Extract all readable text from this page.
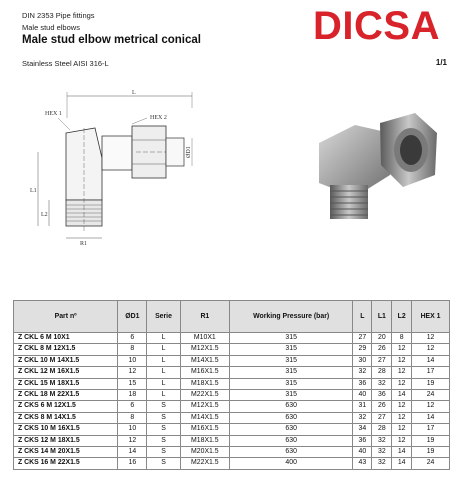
DIN 2353 Pipe fittings
Male stud elbows
Male stud elbow metrical conical
Stainless Steel AISI 316-L	1/1
DICSA
L
HEX 2
HEX 1
ØD1
L1
L2
R1
Part nº	ØD1	Serie	R1	Working Pressure (bar)	L	L1	L2	HEX 1
Z CKL 6 M 10X1	6	L	M10X1	315	27	20	8	12
Z CKL 8 M 12X1.5	8	L	M12X1.5	315	29	26	12	12
Z CKL 10 M 14X1.5	10	L	M14X1.5	315	30	27	12	14
Z CKL 12 M 16X1.5	12	L	M16X1.5	315	32	28	12	17
Z CKL 15 M 18X1.5	15	L	M18X1.5	315	36	32	12	19
Z CKL 18 M 22X1.5	18	L	M22X1.5	315	40	36	14	24
Z CKS 6 M 12X1.5	6	S	M12X1.5	630	31	26	12	12
Z CKS 8 M 14X1.5	8	S	M14X1.5	630	32	27	12	14
Z CKS 10 M 16X1.5	10	S	M16X1.5	630	34	28	12	17
Z CKS 12 M 18X1.5	12	S	M18X1.5	630	36	32	12	19
Z CKS 14 M 20X1.5	14	S	M20X1.5	630	40	32	14	19
Z CKS 16 M 22X1.5	16	S	M22X1.5	400	43	32	14	24
